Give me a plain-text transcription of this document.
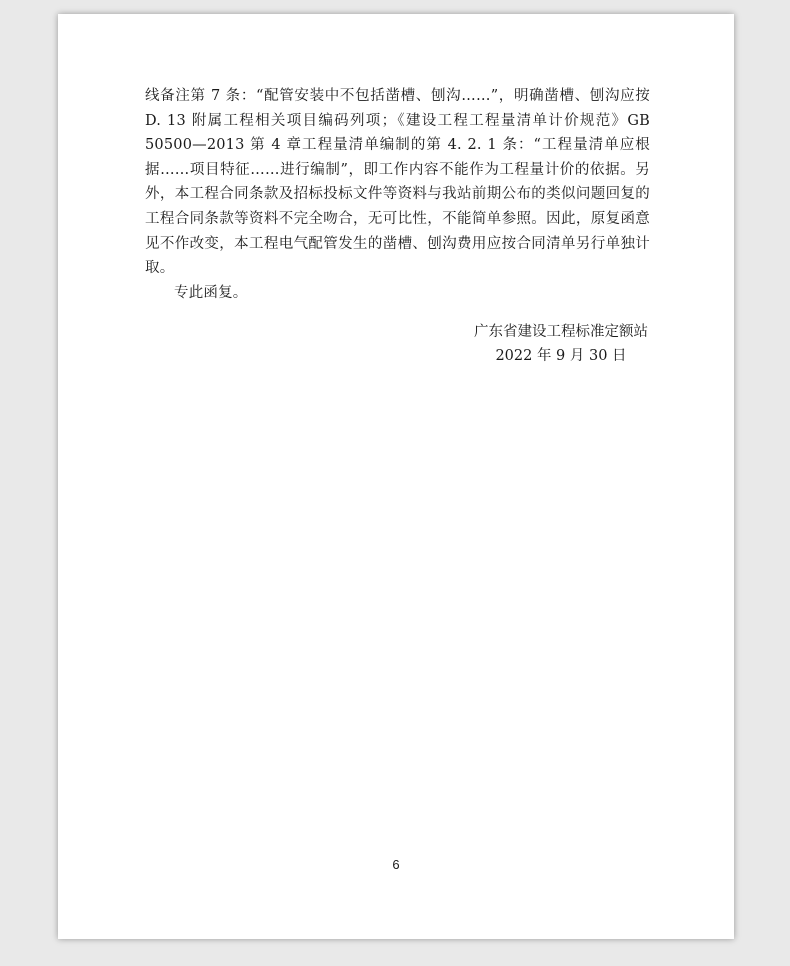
线备注第 7 条：“配管安装中不包括凿槽、刨沟……”，明确凿槽、刨沟应按 D. 13 附属工程相关项目编码列项；《建设工程工程量清单计价规范》GB 50500—2013 第 4 章工程量清单编制的第 4. 2. 1 条：“工程量清单应根据……项目特征……进行编制”，即工作内容不能作为工程量计价的依据。另外，本工程合同条款及招标投标文件等资料与我站前期公布的类似问题回复的工程合同条款等资料不完全吻合，无可比性，不能简单参照。因此，原复函意见不作改变，本工程电气配管发生的凿槽、刨沟费用应按合同清单另行单独计取。

专此函复。

广东省建设工程标准定额站
2022 年 9 月 30 日
6
